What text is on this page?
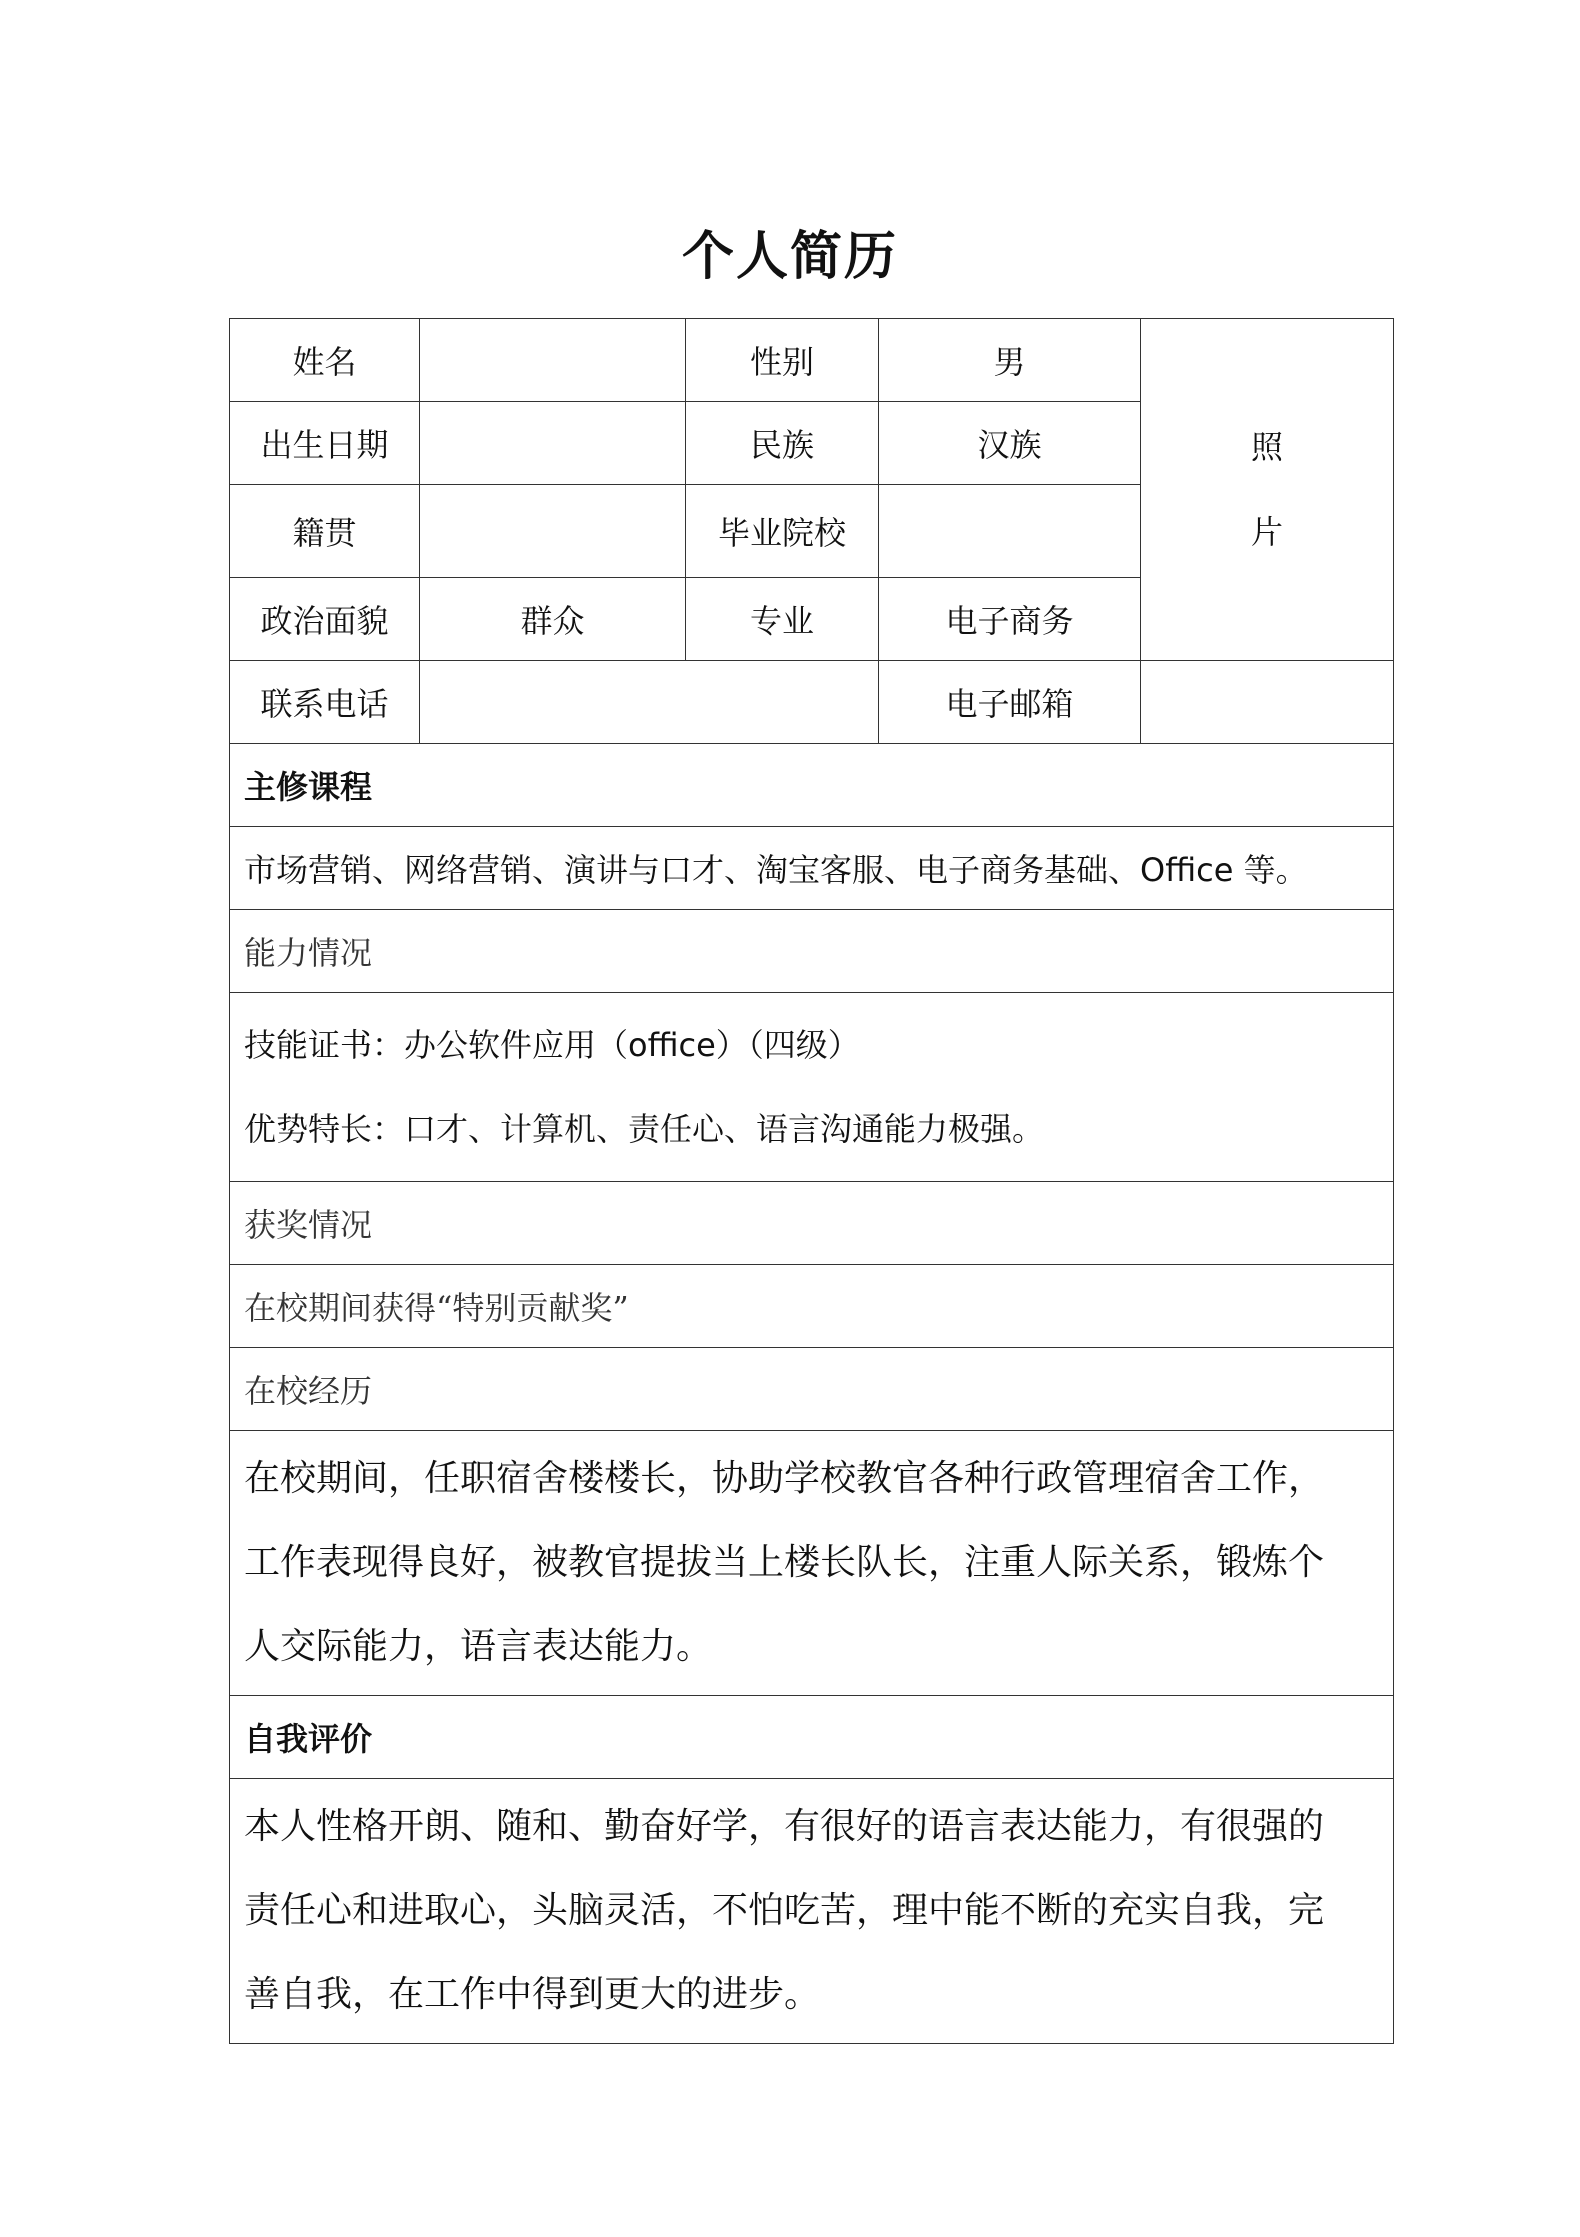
个人简历
姓名		性别	男	照
片

出生日期		民族	汉族	
籍贯		毕业院校		
政治面貌	群众	专业	电子商务	
联系电话			电子邮箱	
主修课程				
市场营销、网络营销、演讲与口才、淘宝客服、电子商务基础、Office 等。				
能力情况				

技能证书：办公软件应用（office）（四级）
优势特长：口才、计算机、责任心、语言沟通能力极强。				

获奖情况				
在校期间获得“特别贡献奖”				
在校经历				

在校期间，任职宿舍楼楼长，协助学校教官各种行政管理宿舍工作，
工作表现得良好，被教官提拔当上楼长队长，注重人际关系，锻炼个
人交际能力，语言表达能力。				

自我评价				

本人性格开朗、随和、勤奋好学，有很好的语言表达能力，有很强的
责任心和进取心，头脑灵活，不怕吃苦，理中能不断的充实自我，完
善自我，在工作中得到更大的进步。				
